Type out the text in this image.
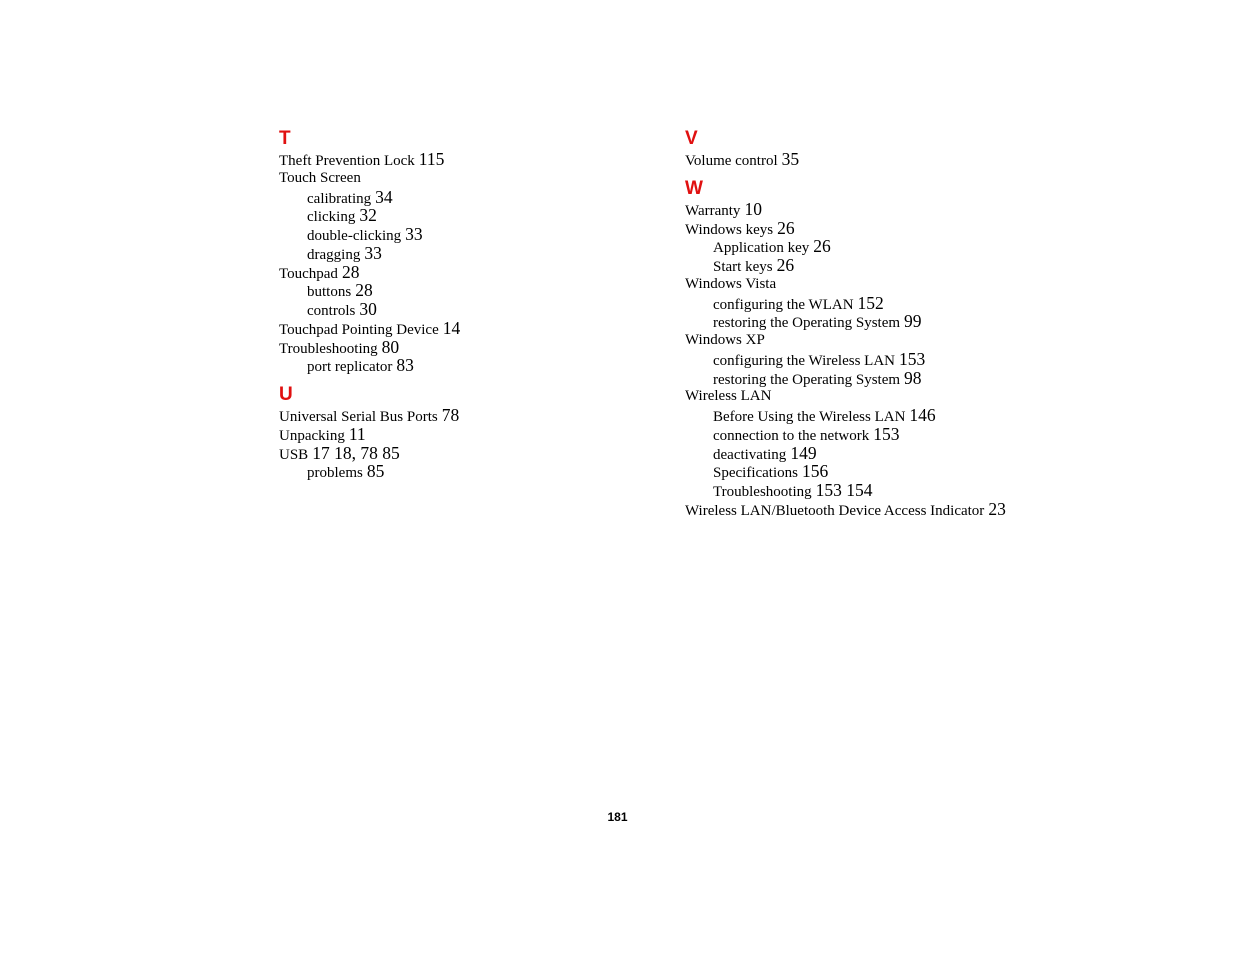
T
Theft Prevention Lock 115
Touch Screen
calibrating 34
clicking 32
double-clicking 33
dragging 33
Touchpad 28
buttons 28
controls 30
Touchpad Pointing Device 14
Troubleshooting 80
port replicator 83
U
Universal Serial Bus Ports 78
Unpacking 11
USB 17 18, 78 85
problems 85
V
Volume control 35
W
Warranty 10
Windows keys 26
Application key 26
Start keys 26
Windows Vista
configuring the WLAN 152
restoring the Operating System 99
Windows XP
configuring the Wireless LAN 153
restoring the Operating System 98
Wireless LAN
Before Using the Wireless LAN 146
connection to the network 153
deactivating 149
Specifications 156
Troubleshooting 153 154
Wireless LAN/Bluetooth Device Access Indicator 23
181
